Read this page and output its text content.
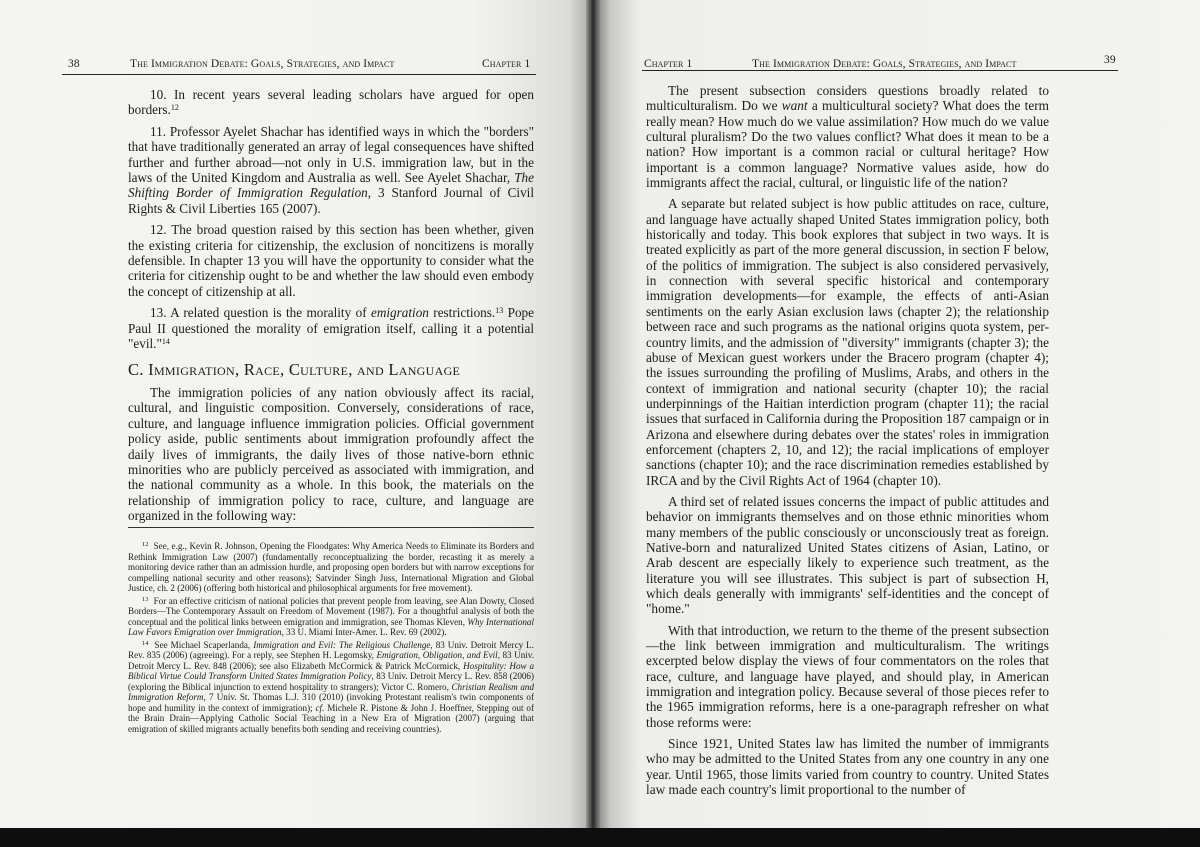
38	The Immigration Debate: Goals, Strategies, and Impact	Chapter 1

10. In recent years several leading scholars have argued for open borders.$^{12}$

11. Professor Ayelet Shachar has identified ways in which the "borders" that have traditionally generated an array of legal consequences have shifted further and further abroad—not only in U.S. immigration law, but in the laws of the United Kingdom and Australia as well. See Ayelet Shachar, The Shifting Border of Immigration Regulation, 3 Stanford Journal of Civil Rights & Civil Liberties 165 (2007).

12. The broad question raised by this section has been whether, given the existing criteria for citizenship, the exclusion of noncitizens is morally defensible. In chapter 13 you will have the opportunity to consider what the criteria for citizenship ought to be and whether the law should even embody the concept of citizenship at all.

13. A related question is the morality of emigration restrictions.$^{13}$ Pope Paul II questioned the morality of emigration itself, calling it a potential "evil."$^{14}$

C. Immigration, Race, Culture, and Language

The immigration policies of any nation obviously affect its racial, cultural, and linguistic composition. Conversely, considerations of race, culture, and language influence immigration policies. Official government policy aside, public sentiments about immigration profoundly affect the daily lives of immigrants, the daily lives of those native-born ethnic minorities who are publicly perceived as associated with immigration, and the national community as a whole. In this book, the materials on the relationship of immigration policy to race, culture, and language are organized in the following way:

$^{12}$ See, e.g., Kevin R. Johnson, Opening the Floodgates: Why America Needs to Eliminate its Borders and Rethink Immigration Law (2007) (fundamentally reconceptualizing the border, recasting it as merely a monitoring device rather than an admission hurdle, and proposing open borders but with narrow exceptions for compelling national security and other reasons); Satvinder Singh Juss, International Migration and Global Justice, ch. 2 (2006) (offering both historical and philosophical arguments for free movement).

$^{13}$ For an effective criticism of national policies that prevent people from leaving, see Alan Dowty, Closed Borders—The Contemporary Assault on Freedom of Movement (1987). For a thoughtful analysis of both the conceptual and the political links between emigration and immigration, see Thomas Kleven, Why International Law Favors Emigration over Immigration, 33 U. Miami Inter-Amer. L. Rev. 69 (2002).

$^{14}$ See Michael Scaperlanda, Immigration and Evil: The Religious Challenge, 83 Univ. Detroit Mercy L. Rev. 835 (2006) (agreeing). For a reply, see Stephen H. Legomsky, Emigration, Obligation, and Evil, 83 Univ. Detroit Mercy L. Rev. 848 (2006); see also Elizabeth McCormick & Patrick McCormick, Hospitality: How a Biblical Virtue Could Transform United States Immigration Policy, 83 Univ. Detroit Mercy L. Rev. 858 (2006) (exploring the Biblical injunction to extend hospitality to strangers); Victor C. Romero, Christian Realism and Immigration Reform, 7 Univ. St. Thomas L.J. 310 (2010) (invoking Protestant realism's twin components of hope and humility in the context of immigration); cf. Michele R. Pistone & John J. Hoeffner, Stepping out of the Brain Drain—Applying Catholic Social Teaching in a New Era of Migration (2007) (arguing that emigration of skilled migrants actually benefits both sending and receiving countries).

Chapter 1	The Immigration Debate: Goals, Strategies, and Impact	39

The present subsection considers questions broadly related to multiculturalism. Do we want a multicultural society? What does the term really mean? How much do we value assimilation? How much do we value cultural pluralism? Do the two values conflict? What does it mean to be a nation? How important is a common racial or cultural heritage? How important is a common language? Normative values aside, how do immigrants affect the racial, cultural, or linguistic life of the nation?

A separate but related subject is how public attitudes on race, culture, and language have actually shaped United States immigration policy, both historically and today. This book explores that subject in two ways. It is treated explicitly as part of the more general discussion, in section F below, of the politics of immigration. The subject is also considered pervasively, in connection with several specific historical and contemporary immigration developments—for example, the effects of anti-Asian sentiments on the early Asian exclusion laws (chapter 2); the relationship between race and such programs as the national origins quota system, per-country limits, and the admission of "diversity" immigrants (chapter 3); the abuse of Mexican guest workers under the Bracero program (chapter 4); the issues surrounding the profiling of Muslims, Arabs, and others in the context of immigration and national security (chapter 10); the racial underpinnings of the Haitian interdiction program (chapter 11); the racial issues that surfaced in California during the Proposition 187 campaign or in Arizona and elsewhere during debates over the states' roles in immigration enforcement (chapters 2, 10, and 12); the racial implications of employer sanctions (chapter 10); and the race discrimination remedies established by IRCA and by the Civil Rights Act of 1964 (chapter 10).

A third set of related issues concerns the impact of public attitudes and behavior on immigrants themselves and on those ethnic minorities whom many members of the public consciously or unconsciously treat as foreign. Native-born and naturalized United States citizens of Asian, Latino, or Arab descent are especially likely to experience such treatment, as the literature you will see illustrates. This subject is part of subsection H, which deals generally with immigrants' self-identities and the concept of "home."

With that introduction, we return to the theme of the present subsection—the link between immigration and multiculturalism. The writings excerpted below display the views of four commentators on the roles that race, culture, and language have played, and should play, in American immigration and integration policy. Because several of those pieces refer to the 1965 immigration reforms, here is a one-paragraph refresher on what those reforms were:

Since 1921, United States law has limited the number of immigrants who may be admitted to the United States from any one country in any one year. Until 1965, those limits varied from country to country. United States law made each country's limit proportional to the number of
